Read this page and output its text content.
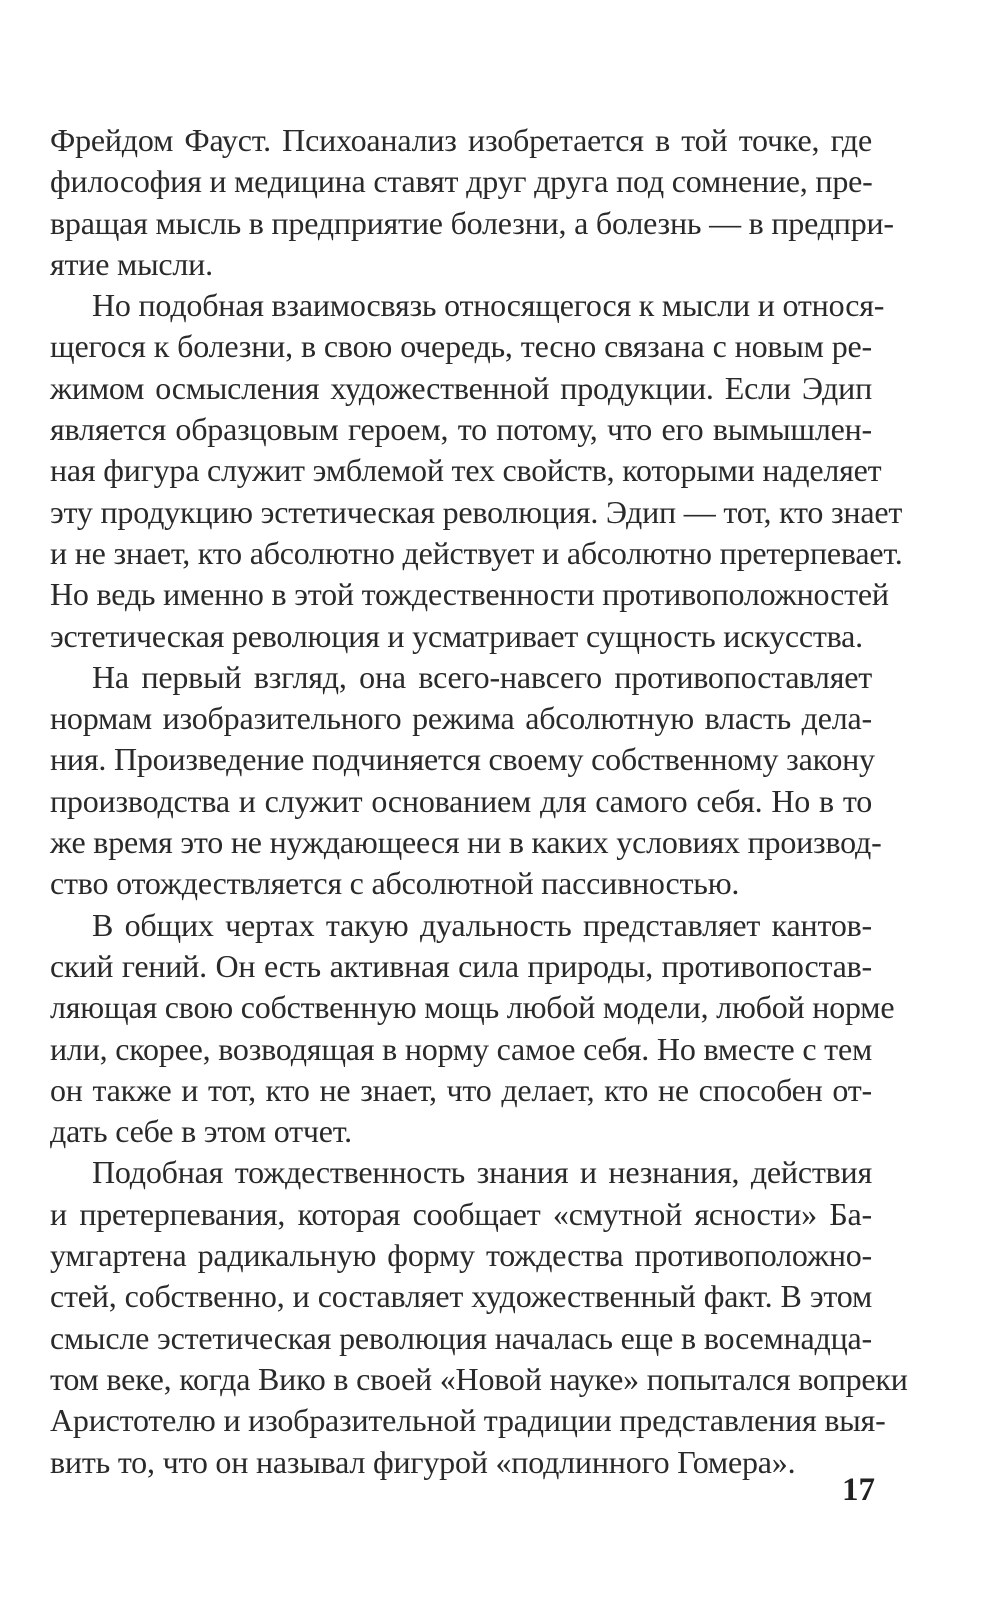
Фрейдом Фауст. Психоанализ изобретается в той точке, где
философия и медицина ставят друг друга под сомнение, пре-
вращая мысль в предприятие болезни, а болезнь — в предпри-
ятие мысли.
Но подобная взаимосвязь относящегося к мысли и относя-
щегося к болезни, в свою очередь, тесно связана с новым ре-
жимом осмысления художественной продукции. Если Эдип
является образцовым героем, то потому, что его вымышлен-
ная фигура служит эмблемой тех свойств, которыми наделяет
эту продукцию эстетическая революция. Эдип — тот, кто знает
и не знает, кто абсолютно действует и абсолютно претерпевает.
Но ведь именно в этой тождественности противоположностей
эстетическая революция и усматривает сущность искусства.
На первый взгляд, она всего-навсего противопоставляет
нормам изобразительного режима абсолютную власть дела-
ния. Произведение подчиняется своему собственному закону
производства и служит основанием для самого себя. Но в то
же время это не нуждающееся ни в каких условиях производ-
ство отождествляется с абсолютной пассивностью.
В общих чертах такую дуальность представляет кантов-
ский гений. Он есть активная сила природы, противопостав-
ляющая свою собственную мощь любой модели, любой норме
или, скорее, возводящая в норму самое себя. Но вместе с тем
он также и тот, кто не знает, что делает, кто не способен от-
дать себе в этом отчет.
Подобная тождественность знания и незнания, действия
и претерпевания, которая сообщает «смутной ясности» Ба-
умгартена радикальную форму тождества противоположно-
стей, собственно, и составляет художественный факт. В этом
смысле эстетическая революция началась еще в восемнадца-
том веке, когда Вико в своей «Новой науке» попытался вопреки
Аристотелю и изобразительной традиции представления выя-
вить то, что он называл фигурой «подлинного Гомера».
17
